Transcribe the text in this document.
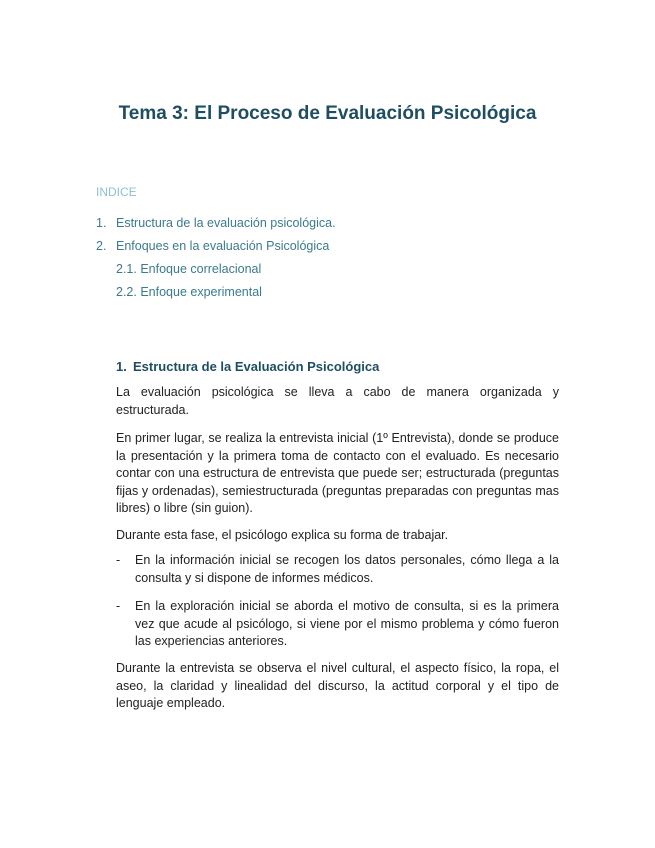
Tema 3: El Proceso de Evaluación Psicológica
INDICE
1. Estructura de la evaluación psicológica.
2. Enfoques en la evaluación Psicológica
2.1. Enfoque correlacional
2.2. Enfoque experimental
1. Estructura de la Evaluación Psicológica

La evaluación psicológica se lleva a cabo de manera organizada y estructurada.

En primer lugar, se realiza la entrevista inicial (1º Entrevista), donde se produce la presentación y la primera toma de contacto con el evaluado. Es necesario contar con una estructura de entrevista que puede ser; estructurada (preguntas fijas y ordenadas), semiestructurada (preguntas preparadas con preguntas mas libres) o libre (sin guion).

Durante esta fase, el psicólogo explica su forma de trabajar.

- En la información inicial se recogen los datos personales, cómo llega a la consulta y si dispone de informes médicos.
- En la exploración inicial se aborda el motivo de consulta, si es la primera vez que acude al psicólogo, si viene por el mismo problema y cómo fueron las experiencias anteriores.

Durante la entrevista se observa el nivel cultural, el aspecto físico, la ropa, el aseo, la claridad y linealidad del discurso, la actitud corporal y el tipo de lenguaje empleado.
